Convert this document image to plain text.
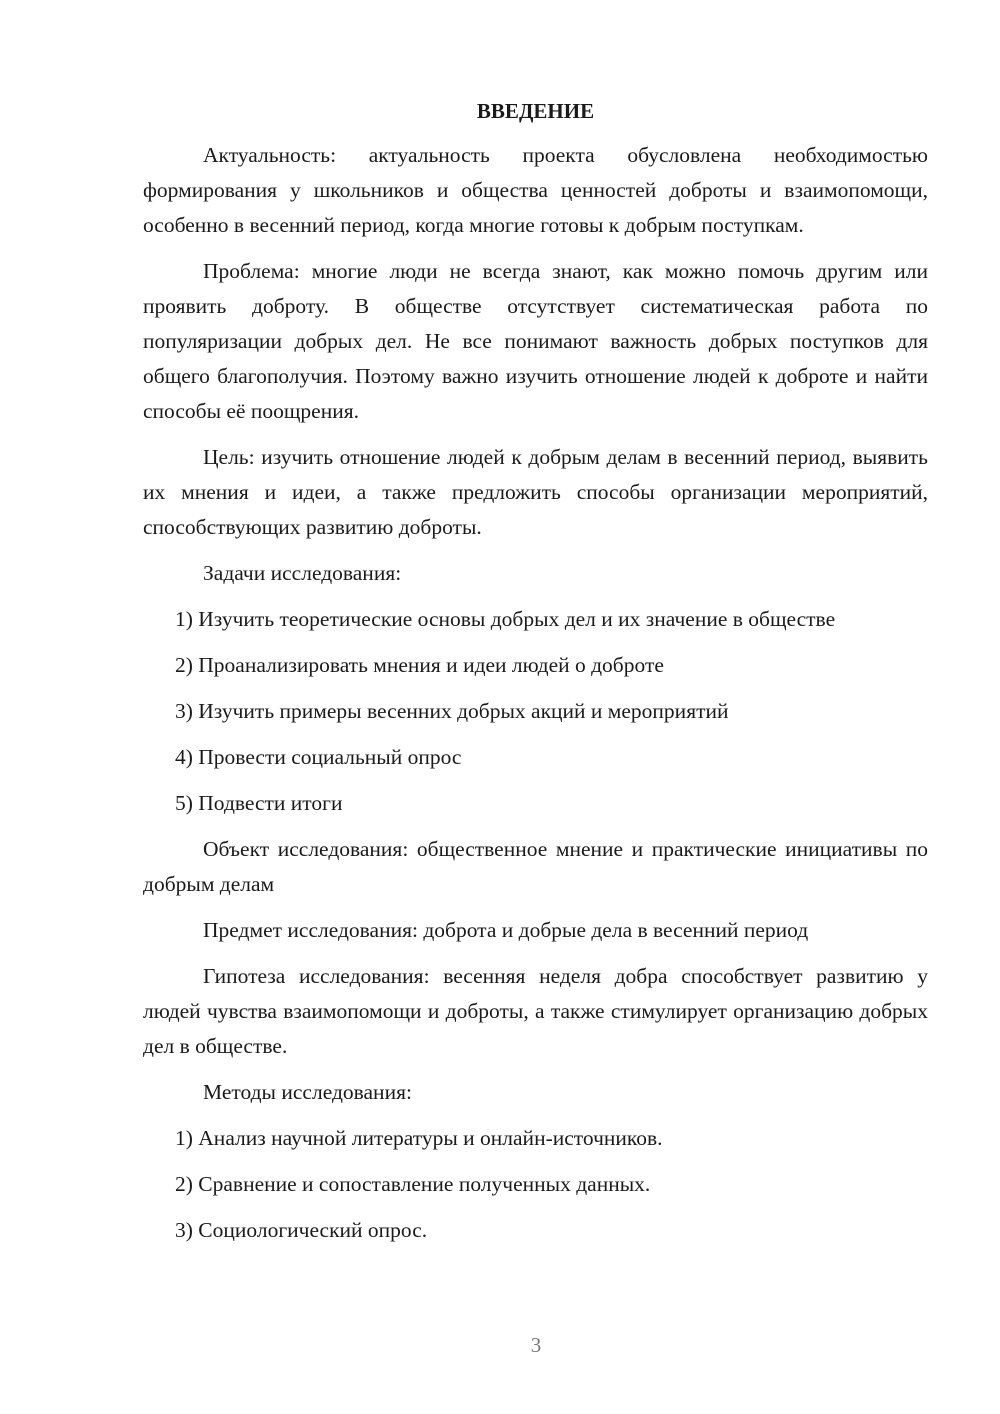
ВВЕДЕНИЕ

Актуальность: актуальность проекта обусловлена необходимостью формирования у школьников и общества ценностей доброты и взаимопомощи, особенно в весенний период, когда многие готовы к добрым поступкам.

Проблема: многие люди не всегда знают, как можно помочь другим или проявить доброту. В обществе отсутствует систематическая работа по популяризации добрых дел. Не все понимают важность добрых поступков для общего благополучия. Поэтому важно изучить отношение людей к доброте и найти способы её поощрения.

Цель: изучить отношение людей к добрым делам в весенний период, выявить их мнения и идеи, а также предложить способы организации мероприятий, способствующих развитию доброты.

Задачи исследования:
1) Изучить теоретические основы добрых дел и их значение в обществе
2) Проанализировать мнения и идеи людей о доброте
3) Изучить примеры весенних добрых акций и мероприятий
4) Провести социальный опрос
5) Подвести итоги

Объект исследования: общественное мнение и практические инициативы по добрым делам

Предмет исследования: доброта и добрые дела в весенний период

Гипотеза исследования: весенняя неделя добра способствует развитию у людей чувства взаимопомощи и доброты, а также стимулирует организацию добрых дел в обществе.

Методы исследования:
1) Анализ научной литературы и онлайн-источников.
2) Сравнение и сопоставление полученных данных.
3) Социологический опрос.
3
